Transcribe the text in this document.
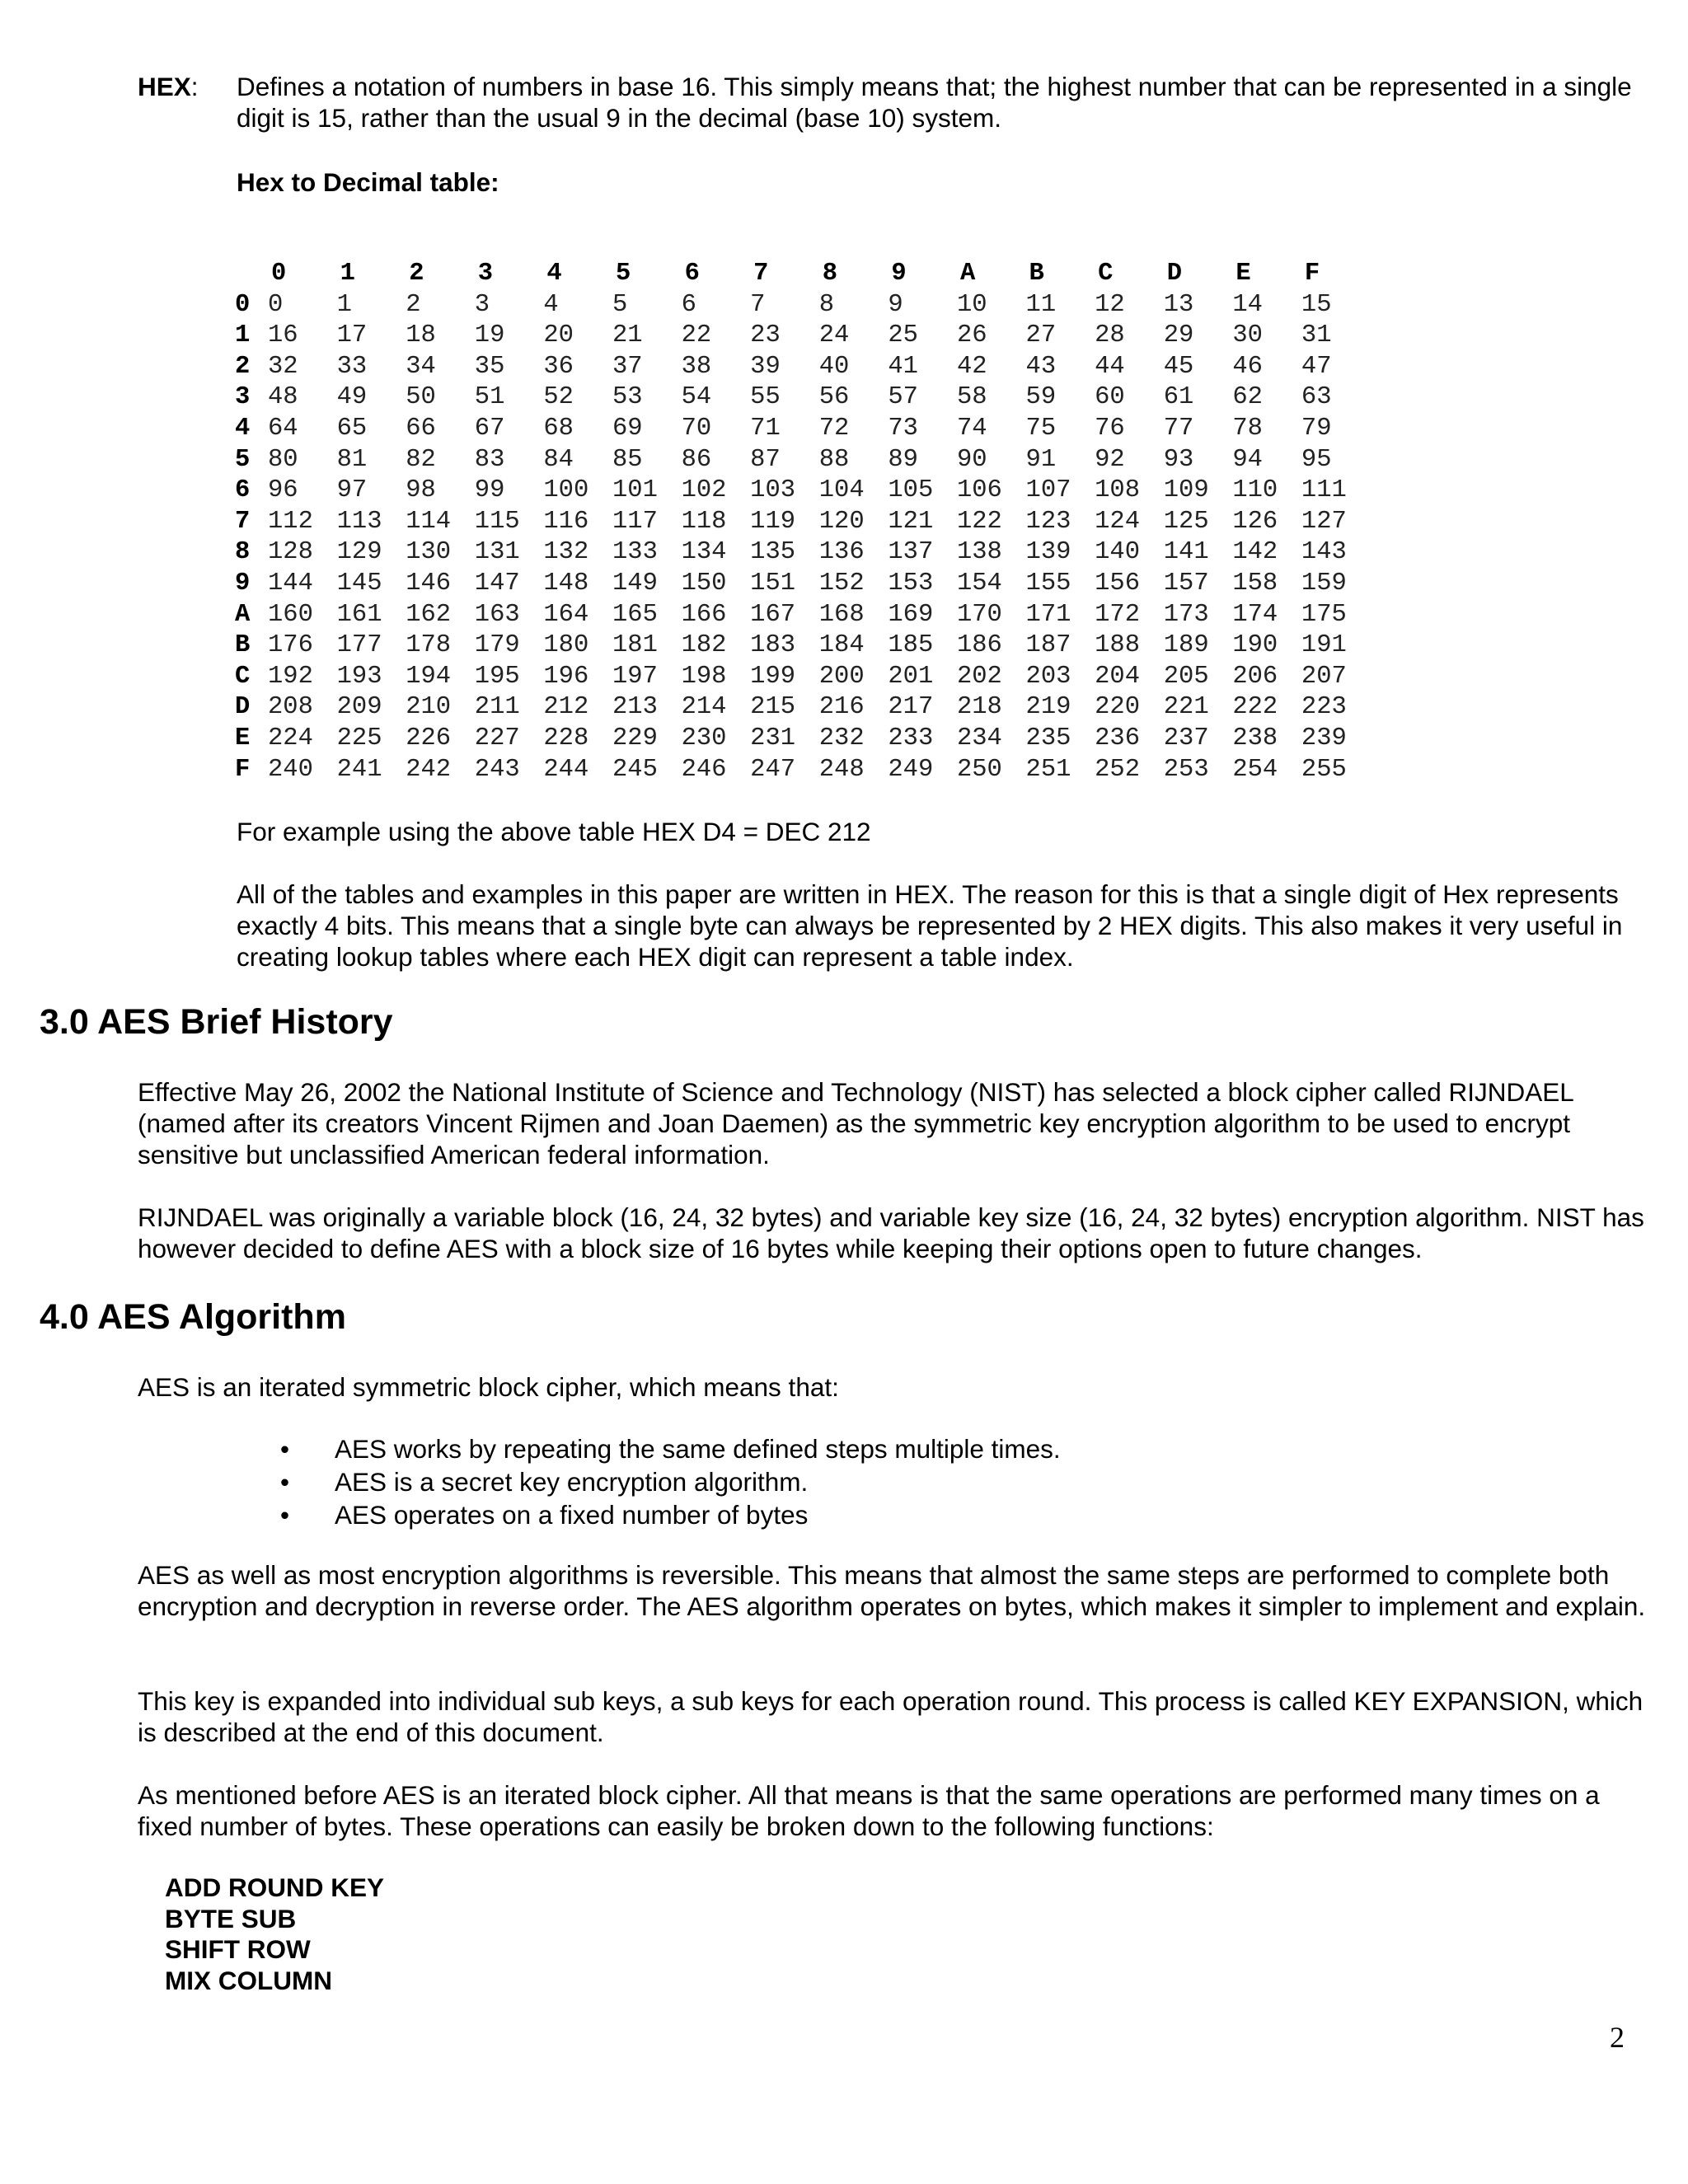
HEX: Defines a notation of numbers in base 16. This simply means that; the highest number that can be represented in a single digit is 15, rather than the usual 9 in the decimal (base 10) system.
Hex to Decimal table:
	0	1	2	3	4	5	6	7	8	9	A	B	C	D	E	F
0	0	1	2	3	4	5	6	7	8	9	10	11	12	13	14	15
1	16	17	18	19	20	21	22	23	24	25	26	27	28	29	30	31
2	32	33	34	35	36	37	38	39	40	41	42	43	44	45	46	47
3	48	49	50	51	52	53	54	55	56	57	58	59	60	61	62	63
4	64	65	66	67	68	69	70	71	72	73	74	75	76	77	78	79
5	80	81	82	83	84	85	86	87	88	89	90	91	92	93	94	95
6	96	97	98	99	100	101	102	103	104	105	106	107	108	109	110	111
7	112	113	114	115	116	117	118	119	120	121	122	123	124	125	126	127
8	128	129	130	131	132	133	134	135	136	137	138	139	140	141	142	143
9	144	145	146	147	148	149	150	151	152	153	154	155	156	157	158	159
A	160	161	162	163	164	165	166	167	168	169	170	171	172	173	174	175
B	176	177	178	179	180	181	182	183	184	185	186	187	188	189	190	191
C	192	193	194	195	196	197	198	199	200	201	202	203	204	205	206	207
D	208	209	210	211	212	213	214	215	216	217	218	219	220	221	222	223
E	224	225	226	227	228	229	230	231	232	233	234	235	236	237	238	239
F	240	241	242	243	244	245	246	247	248	249	250	251	252	253	254	255
For example using the above table HEX D4 = DEC 212
All of the tables and examples in this paper are written in HEX. The reason for this is that a single digit of Hex represents exactly 4 bits. This means that a single byte can always be represented by 2 HEX digits. This also makes it very useful in creating lookup tables where each HEX digit can represent a table index.
3.0 AES Brief History
Effective May 26, 2002 the National Institute of Science and Technology (NIST) has selected a block cipher called RIJNDAEL (named after its creators Vincent Rijmen and Joan Daemen) as the symmetric key encryption algorithm to be used to encrypt sensitive but unclassified American federal information.
RIJNDAEL was originally a variable block (16, 24, 32 bytes) and variable key size (16, 24, 32 bytes) encryption algorithm. NIST has however decided to define AES with a block size of 16 bytes while keeping their options open to future changes.
4.0 AES Algorithm
AES is an iterated symmetric block cipher, which means that:
• AES works by repeating the same defined steps multiple times.
• AES is a secret key encryption algorithm.
• AES operates on a fixed number of bytes
AES as well as most encryption algorithms is reversible. This means that almost the same steps are performed to complete both encryption and decryption in reverse order. The AES algorithm operates on bytes, which makes it simpler to implement and explain.
This key is expanded into individual sub keys, a sub keys for each operation round. This process is called KEY EXPANSION, which is described at the end of this document.
As mentioned before AES is an iterated block cipher. All that means is that the same operations are performed many times on a fixed number of bytes. These operations can easily be broken down to the following functions:
ADD ROUND KEY
BYTE SUB
SHIFT ROW
MIX COLUMN
2
